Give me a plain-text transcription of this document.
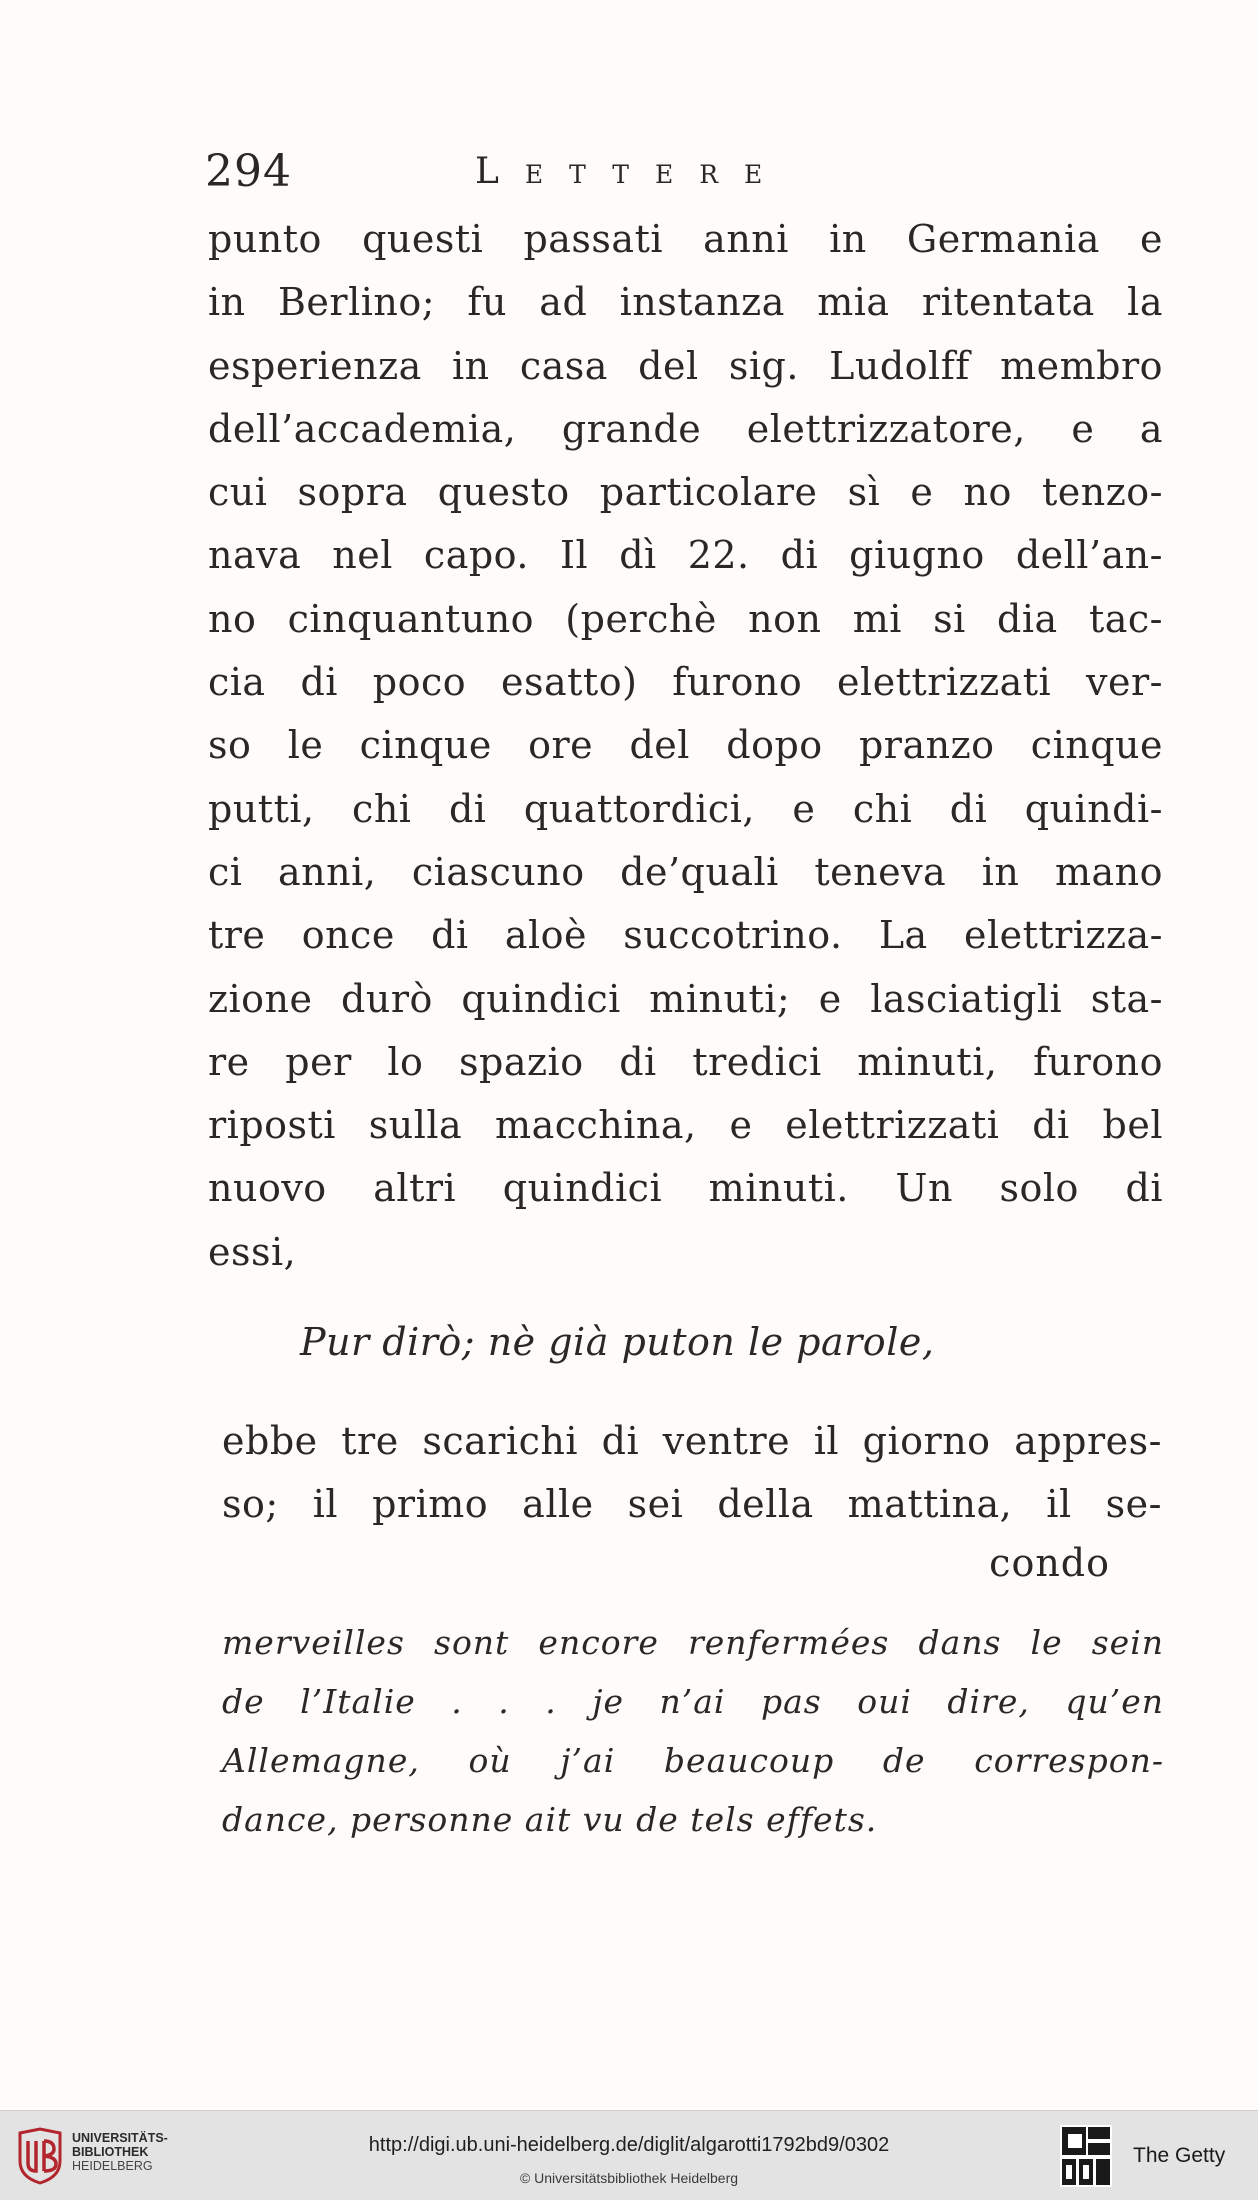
294	Lettere
punto questi passati anni in Germania e
in Berlino; fu ad instanza mia ritentata la
esperienza in casa del sig. Ludolff membro
dell’accademia, grande elettrizzatore, e a
cui sopra questo particolare sì e no tenzo-
nava nel capo. Il dì 22. di giugno dell’an-
no cinquantuno (perchè non mi si dia tac-
cia di poco esatto) furono elettrizzati ver-
so le cinque ore del dopo pranzo cinque
putti, chi di quattordici, e chi di quindi-
ci anni, ciascuno de’quali teneva in mano
tre once di aloè succotrino. La elettrizza-
zione durò quindici minuti; e lasciatigli sta-
re per lo spazio di tredici minuti, furono
riposti sulla macchina, e elettrizzati di bel
nuovo altri quindici minuti. Un solo di
essi,
Pur dirò; nè già puton le parole,
ebbe tre scarichi di ventre il giorno appres-
so; il primo alle sei della mattina, il se-
condo
merveilles sont encore renfermées dans le sein
de l’Italie . . . je n’ai pas oui dire, qu’en
Allemagne, où j’ai beaucoup de correspon-
dance, personne ait vu de tels effets.
UNIVERSITÄTS-
BIBLIOTHEK
HEIDELBERG
http://digi.ub.uni-heidelberg.de/diglit/algarotti1792bd9/0302
© Universitätsbibliothek Heidelberg
The Getty
